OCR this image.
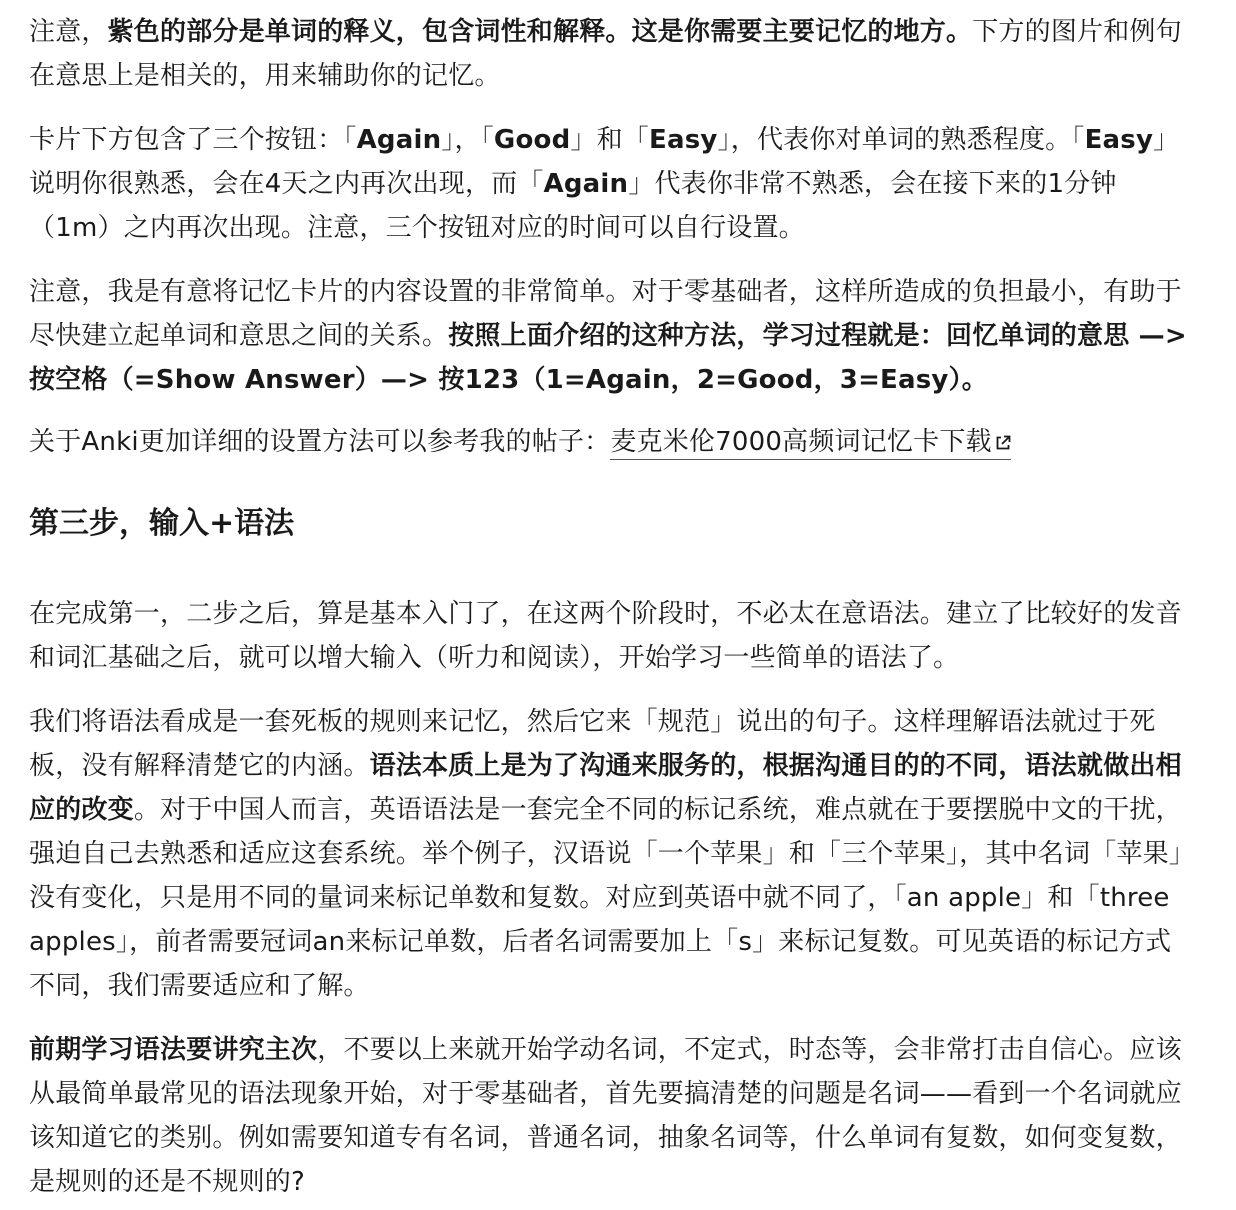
注意，紫色的部分是单词的释义，包含词性和解释。这是你需要主要记忆的地方。下方的图片和例句在意思上是相关的，用来辅助你的记忆。

卡片下方包含了三个按钮：「Again」，「Good」和「Easy」，代表你对单词的熟悉程度。「Easy」说明你很熟悉，会在4天之内再次出现，而「Again」代表你非常不熟悉，会在接下来的1分钟（1m）之内再次出现。注意，三个按钮对应的时间可以自行设置。

注意，我是有意将记忆卡片的内容设置的非常简单。对于零基础者，这样所造成的负担最小，有助于尽快建立起单词和意思之间的关系。按照上面介绍的这种方法，学习过程就是：回忆单词的意思 —> 按空格（=Show Answer）—> 按123（1=Again，2=Good，3=Easy）。

关于Anki更加详细的设置方法可以参考我的帖子：麦克米伦7000高频词记忆卡下载

第三步，输入+语法

在完成第一，二步之后，算是基本入门了，在这两个阶段时，不必太在意语法。建立了比较好的发音和词汇基础之后，就可以增大输入（听力和阅读），开始学习一些简单的语法了。

我们将语法看成是一套死板的规则来记忆，然后它来「规范」说出的句子。这样理解语法就过于死板，没有解释清楚它的内涵。语法本质上是为了沟通来服务的，根据沟通目的的不同，语法就做出相应的改变。对于中国人而言，英语语法是一套完全不同的标记系统，难点就在于要摆脱中文的干扰，强迫自己去熟悉和适应这套系统。举个例子，汉语说「一个苹果」和「三个苹果」，其中名词「苹果」没有变化，只是用不同的量词来标记单数和复数。对应到英语中就不同了，「an apple」和「three apples」，前者需要冠词an来标记单数，后者名词需要加上「s」来标记复数。可见英语的标记方式不同，我们需要适应和了解。

前期学习语法要讲究主次，不要以上来就开始学动名词，不定式，时态等，会非常打击自信心。应该从最简单最常见的语法现象开始，对于零基础者，首先要搞清楚的问题是名词——看到一个名词就应该知道它的类别。例如需要知道专有名词，普通名词，抽象名词等，什么单词有复数，如何变复数，是规则的还是不规则的?
